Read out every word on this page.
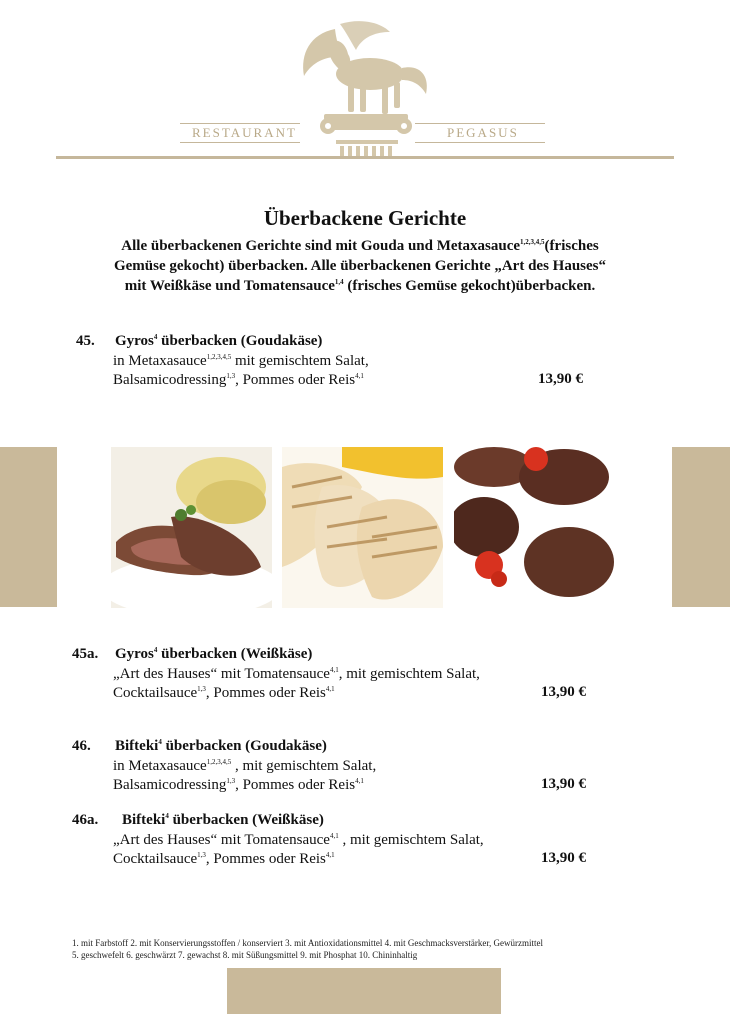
RESTAURANT	PEGASUS
Überbackene Gerichte
Alle überbackenen Gerichte sind mit Gouda und Metaxasauce$^{1,2,3,4,5}$(frisches
Gemüse gekocht) überbacken. Alle überbackenen Gerichte „Art des Hauses“
mit Weißkäse und Tomatensauce$^{1,4}$ (frisches Gemüse gekocht)überbacken.
45. Gyros$^4$ überbacken (Goudakäse)
in Metaxasauce$^{1,2,3,4,5}$ mit gemischtem Salat,
Balsamicodressing$^{1,3}$, Pommes oder Reis$^{4,1}$	13,90 €
45a. Gyros$^4$ überbacken (Weißkäse)
„Art des Hauses“ mit Tomatensauce$^{4,1}$, mit gemischtem Salat,
Cocktailsauce$^{1,3}$, Pommes oder Reis$^{4,1}$	13,90 €
46. Bifteki$^4$ überbacken (Goudakäse)
in Metaxasauce$^{1,2,3,4,5}$ , mit gemischtem Salat,
Balsamicodressing$^{1,3}$, Pommes oder Reis$^{4,1}$	13,90 €
46a. Bifteki$^4$ überbacken (Weißkäse)
„Art des Hauses“ mit Tomatensauce$^{4,1}$ , mit gemischtem Salat,
Cocktailsauce$^{1,3}$, Pommes oder Reis$^{4,1}$	13,90 €
1. mit Farbstoff 2. mit Konservierungsstoffen / konserviert 3. mit Antioxidationsmittel 4. mit Geschmacksverstärker, Gewürzmittel
5. geschwefelt 6. geschwärzt 7. gewachst 8. mit Süßungsmittel 9. mit Phosphat 10. Chininhaltig
